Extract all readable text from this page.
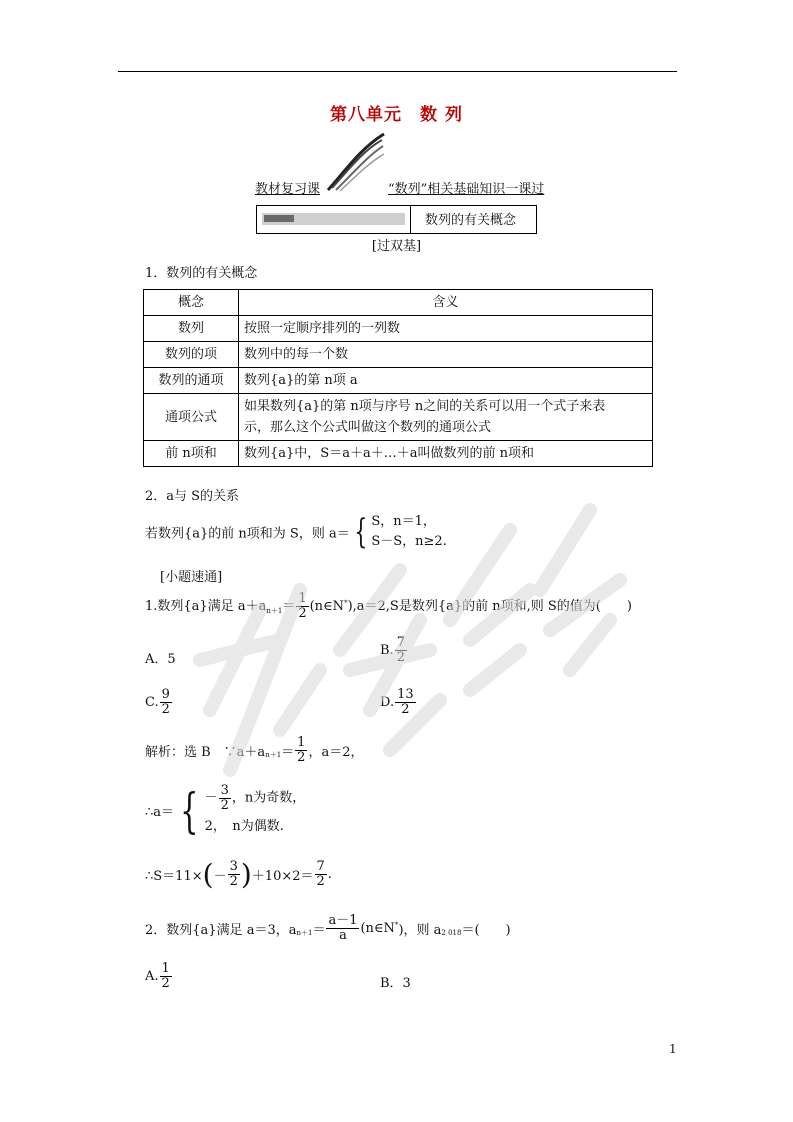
第八单元　数 列
教材复习课	“数列”相关基础知识一课过
数列的有关概念
[过双基]
1．数列的有关概念
概念	含义
数列	按照一定顺序排列的一列数
数列的项	数列中的每一个数
数列的通项	数列{a}的第 n项 a
通项公式	如果数列{a}的第 n项与序号 n之间的关系可以用一个式子来表
示，那么这个公式叫做这个数列的通项公式

前 n项和	数列{a}中，S＝a＋a＋…＋a叫做数列的前 n项和
2．a与 S的关系
若数列{a}的前 n项和为 S，则 a＝ { S，n＝1，
S－S，n≥2.
[小题速通]
1.数列{a}满足 $a+a_{n+1}= \frac{1}{2}$ (n∈N*),a＝2,S是数列{a}的前 n项和,则 S的值为(　　)
A．5
B. $\frac{7}{2}$
C. $\frac{9}{2}$	D. $\frac{13}{2}$
解析：选 B　$\because a+a_{n+1}= \frac{1}{2}$ ，a＝2，
∴a＝ { － $\frac{3}{2}$ ，n为奇数，
2，　n为偶数.
∴S＝11×(－ $\frac{3}{2} )+10\times 2= \frac{7}{2}$ .
2．数列{a}满足 a＝3，$a_{n+1}= \frac{a-1}{a}$ (n∈N*)，则 $a_{2 018}=$(　　)
A. $\frac{1}{2}$	B．3
1
